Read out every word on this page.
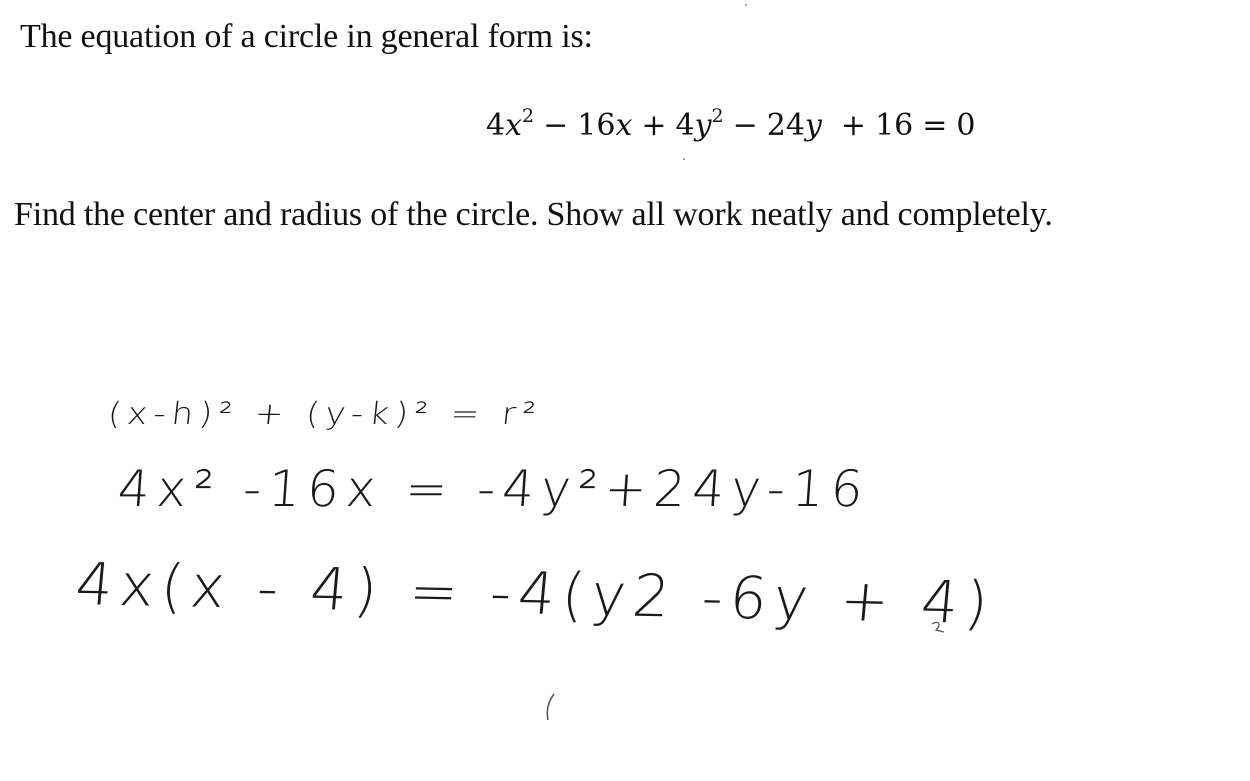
The equation of a circle in general form is:
$4x^2 - 16x + 4y^2 - 24y + 16 = 0$
Find the center and radius of the circle. Show all work neatly and completely.
(x-h)² + (y-k)² = r²
4x² -16x = -4y²+24y-16
4x(x - 4) = -4(y2 -6y + 4)
